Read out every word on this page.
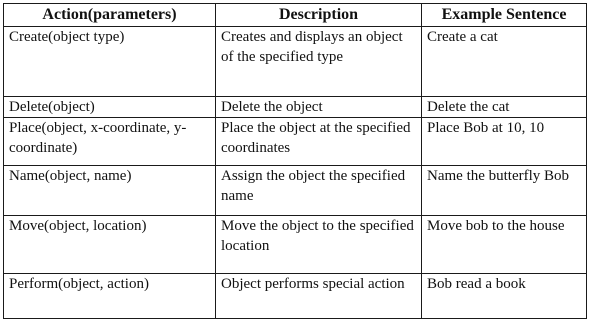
Action(parameters)	Description	Example Sentence
Create(object type)	Creates and displays an object of the specified type	Create a cat
Delete(object)	Delete the object	Delete the cat
Place(object, x-coordinate, y-coordinate)	Place the object at the specified coordinates	Place Bob at 10, 10
Name(object, name)	Assign the object the specified name	Name the butterfly Bob
Move(object, location)	Move the object to the specified location	Move bob to the house
Perform(object, action)	Object performs special action	Bob read a book
